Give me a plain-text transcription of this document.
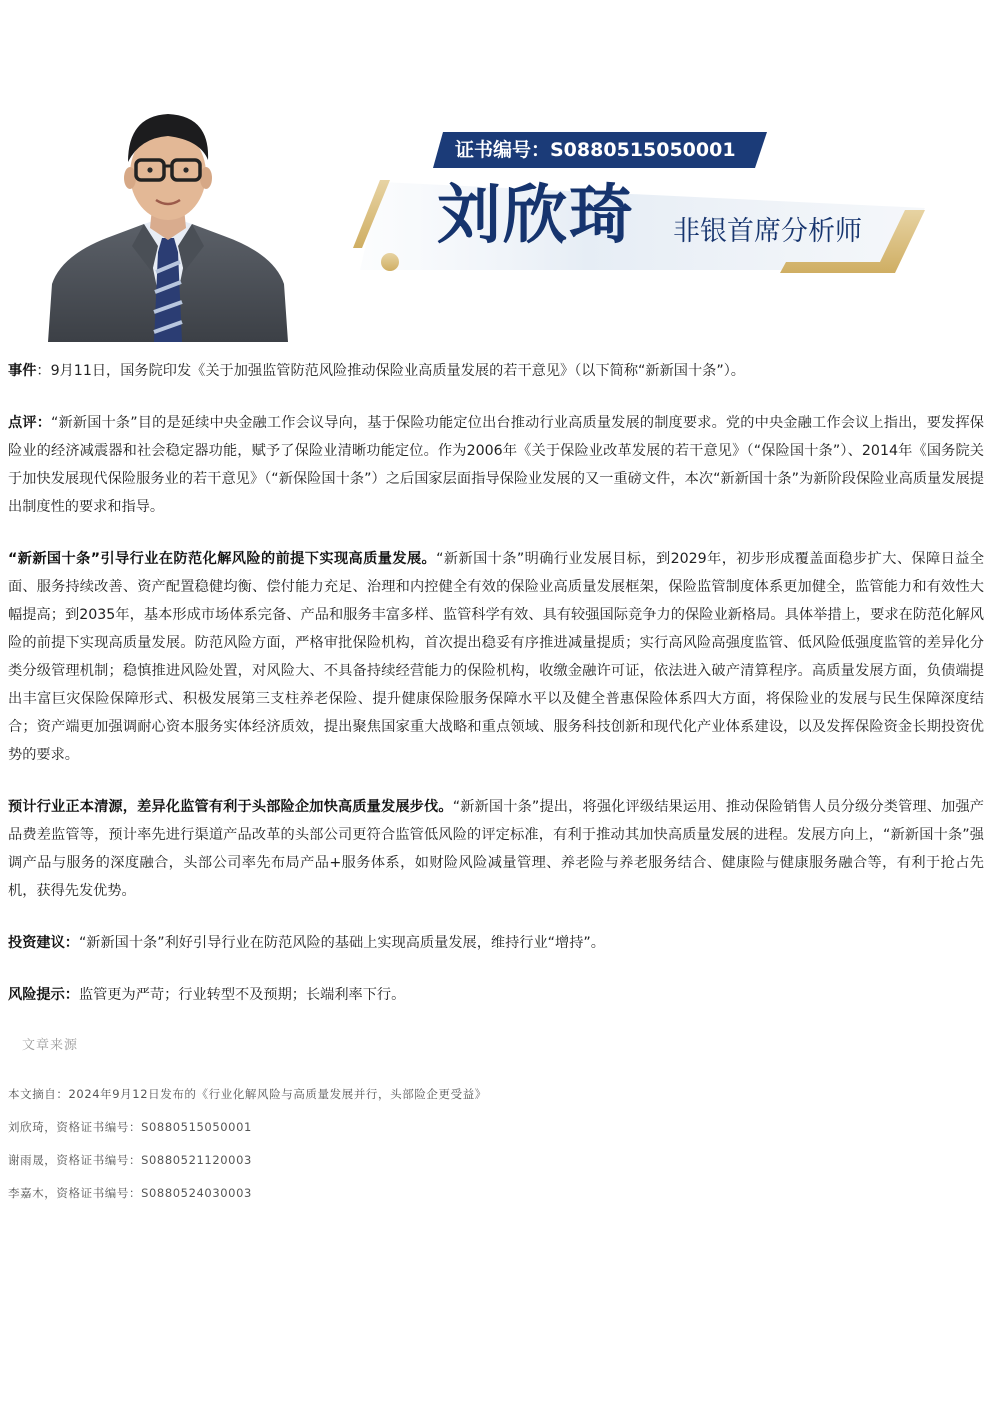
证书编号：S0880515050001
刘欣琦 非银首席分析师

事件：9月11日，国务院印发《关于加强监管防范风险推动保险业高质量发展的若干意见》（以下简称“新新国十条”）。

点评：“新新国十条”目的是延续中央金融工作会议导向，基于保险功能定位出台推动行业高质量发展的制度要求。党的中央金融工作会议上指出，要发挥保险业的经济减震器和社会稳定器功能，赋予了保险业清晰功能定位。作为2006年《关于保险业改革发展的若干意见》（“保险国十条”）、2014年《国务院关于加快发展现代保险服务业的若干意见》（“新保险国十条”）之后国家层面指导保险业发展的又一重磅文件，本次“新新国十条”为新阶段保险业高质量发展提出制度性的要求和指导。

“新新国十条”引导行业在防范化解风险的前提下实现高质量发展。“新新国十条”明确行业发展目标，到2029年，初步形成覆盖面稳步扩大、保障日益全面、服务持续改善、资产配置稳健均衡、偿付能力充足、治理和内控健全有效的保险业高质量发展框架，保险监管制度体系更加健全，监管能力和有效性大幅提高；到2035年，基本形成市场体系完备、产品和服务丰富多样、监管科学有效、具有较强国际竞争力的保险业新格局。具体举措上，要求在防范化解风险的前提下实现高质量发展。防范风险方面，严格审批保险机构，首次提出稳妥有序推进减量提质；实行高风险高强度监管、低风险低强度监管的差异化分类分级管理机制；稳慎推进风险处置，对风险大、不具备持续经营能力的保险机构，收缴金融许可证，依法进入破产清算程序。高质量发展方面，负债端提出丰富巨灾保险保障形式、积极发展第三支柱养老保险、提升健康保险服务保障水平以及健全普惠保险体系四大方面，将保险业的发展与民生保障深度结合；资产端更加强调耐心资本服务实体经济质效，提出聚焦国家重大战略和重点领域、服务科技创新和现代化产业体系建设，以及发挥保险资金长期投资优势的要求。

预计行业正本清源，差异化监管有利于头部险企加快高质量发展步伐。“新新国十条”提出，将强化评级结果运用、推动保险销售人员分级分类管理、加强产品费差监管等，预计率先进行渠道产品改革的头部公司更符合监管低风险的评定标准，有利于推动其加快高质量发展的进程。发展方向上，“新新国十条”强调产品与服务的深度融合，头部公司率先布局产品+服务体系，如财险风险减量管理、养老险与养老服务结合、健康险与健康服务融合等，有利于抢占先机，获得先发优势。

投资建议：“新新国十条”利好引导行业在防范风险的基础上实现高质量发展，维持行业“增持”。

风险提示：监管更为严苛；行业转型不及预期；长端利率下行。

文章来源
本文摘自：2024年9月12日发布的《行业化解风险与高质量发展并行，头部险企更受益》
刘欣琦，资格证书编号：S0880515050001
谢雨晟，资格证书编号：S0880521120003
李嘉木，资格证书编号：S0880524030003
